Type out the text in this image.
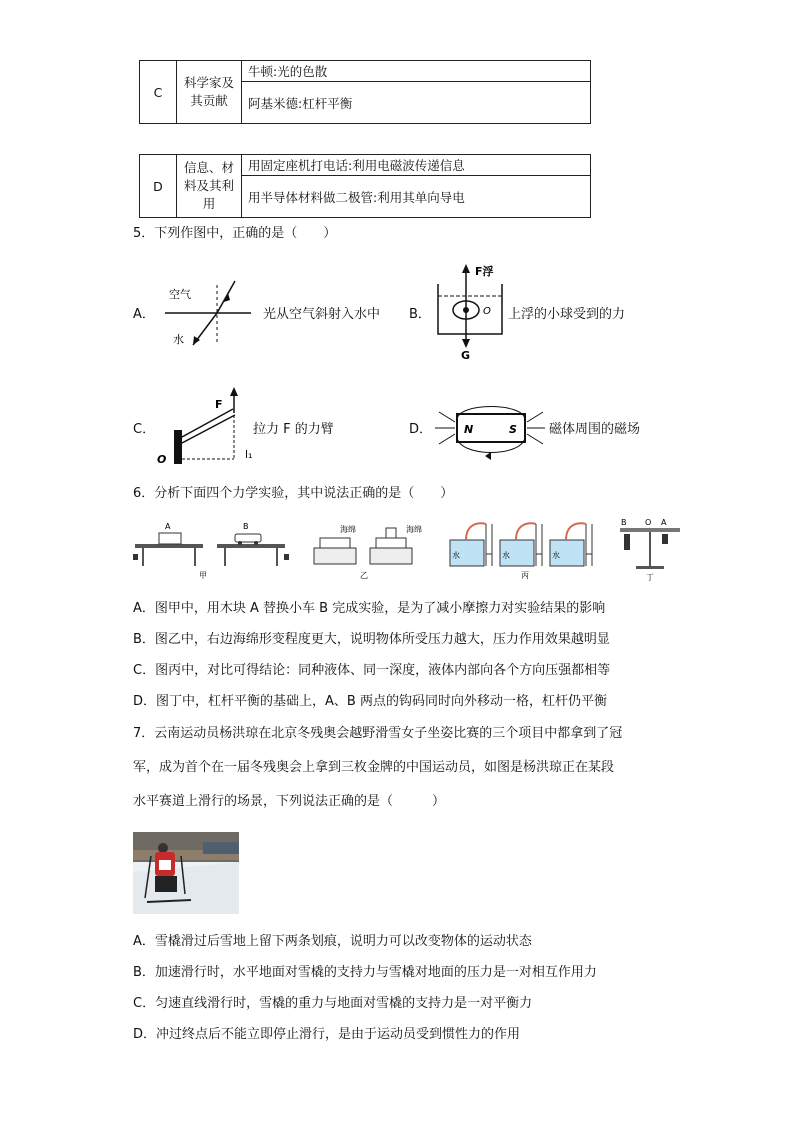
C	科学家及其贡献	牛顿:光的色散
阿基米德:杠杆平衡
D	信息、材料及其利用	用固定座机打电话:利用电磁波传递信息
用半导体材料做二极管:利用其单向导电
5．下列作图中，正确的是（　　）
A．
空气
水
光从空气斜射入水中 B．
F浮
O
G
上浮的小球受到的力
C．
F
O	l₁
拉力 F 的力臂	D．	N	S 磁体周围的磁场
6．分析下面四个力学实验，其中说法正确的是（　　）
A	B
甲
海绵	海绵
乙
水	水	水
丙
B O A
丁
A．图甲中，用木块 A 替换小车 B 完成实验，是为了减小摩擦力对实验结果的影响
B．图乙中，右边海绵形变程度更大，说明物体所受压力越大，压力作用效果越明显
C．图丙中，对比可得结论：同种液体、同一深度，液体内部向各个方向压强都相等
D．图丁中，杠杆平衡的基础上，A、B 两点的钩码同时向外移动一格，杠杆仍平衡
7．云南运动员杨洪琼在北京冬残奥会越野滑雪女子坐姿比赛的三个项目中都拿到了冠
军，成为首个在一届冬残奥会上拿到三枚金牌的中国运动员，如图是杨洪琼正在某段
水平赛道上滑行的场景，下列说法正确的是（　　　）
A．雪橇滑过后雪地上留下两条划痕，说明力可以改变物体的运动状态
B．加速滑行时，水平地面对雪橇的支持力与雪橇对地面的压力是一对相互作用力
C．匀速直线滑行时，雪橇的重力与地面对雪橇的支持力是一对平衡力
D．冲过终点后不能立即停止滑行，是由于运动员受到惯性力的作用
